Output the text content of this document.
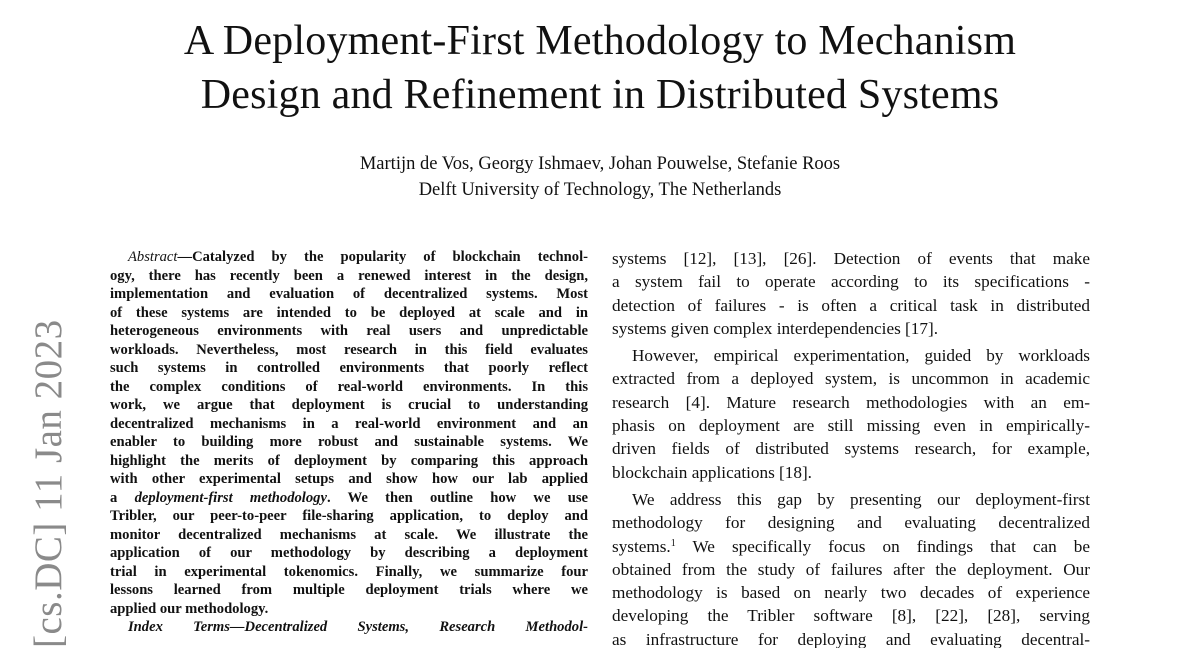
A Deployment-First Methodology to Mechanism
Design and Refinement in Distributed Systems
Martijn de Vos, Georgy Ishmaev, Johan Pouwelse, Stefanie Roos
Delft University of Technology, The Netherlands
[cs.DC] 11 Jan 2023
Abstract—Catalyzed by the popularity of blockchain technol-
ogy, there has recently been a renewed interest in the design,
implementation and evaluation of decentralized systems. Most
of these systems are intended to be deployed at scale and in
heterogeneous environments with real users and unpredictable
workloads. Nevertheless, most research in this field evaluates
such systems in controlled environments that poorly reflect
the complex conditions of real-world environments. In this
work, we argue that deployment is crucial to understanding
decentralized mechanisms in a real-world environment and an
enabler to building more robust and sustainable systems. We
highlight the merits of deployment by comparing this approach
with other experimental setups and show how our lab applied
a deployment-first methodology. We then outline how we use
Tribler, our peer-to-peer file-sharing application, to deploy and
monitor decentralized mechanisms at scale. We illustrate the
application of our methodology by describing a deployment
trial in experimental tokenomics. Finally, we summarize four
lessons learned from multiple deployment trials where we
applied our methodology.
Index Terms—Decentralized Systems, Research Methodol-
systems [12], [13], [26]. Detection of events that make
a system fail to operate according to its specifications -
detection of failures - is often a critical task in distributed
systems given complex interdependencies [17].
However, empirical experimentation, guided by workloads
extracted from a deployed system, is uncommon in academic
research [4]. Mature research methodologies with an em-
phasis on deployment are still missing even in empirically-
driven fields of distributed systems research, for example,
blockchain applications [18].
We address this gap by presenting our deployment-first
methodology for designing and evaluating decentralized
systems.$^1$ We specifically focus on findings that can be
obtained from the study of failures after the deployment. Our
methodology is based on nearly two decades of experience
developing the Tribler software [8], [22], [28], serving
as infrastructure for deploying and evaluating decentral-
